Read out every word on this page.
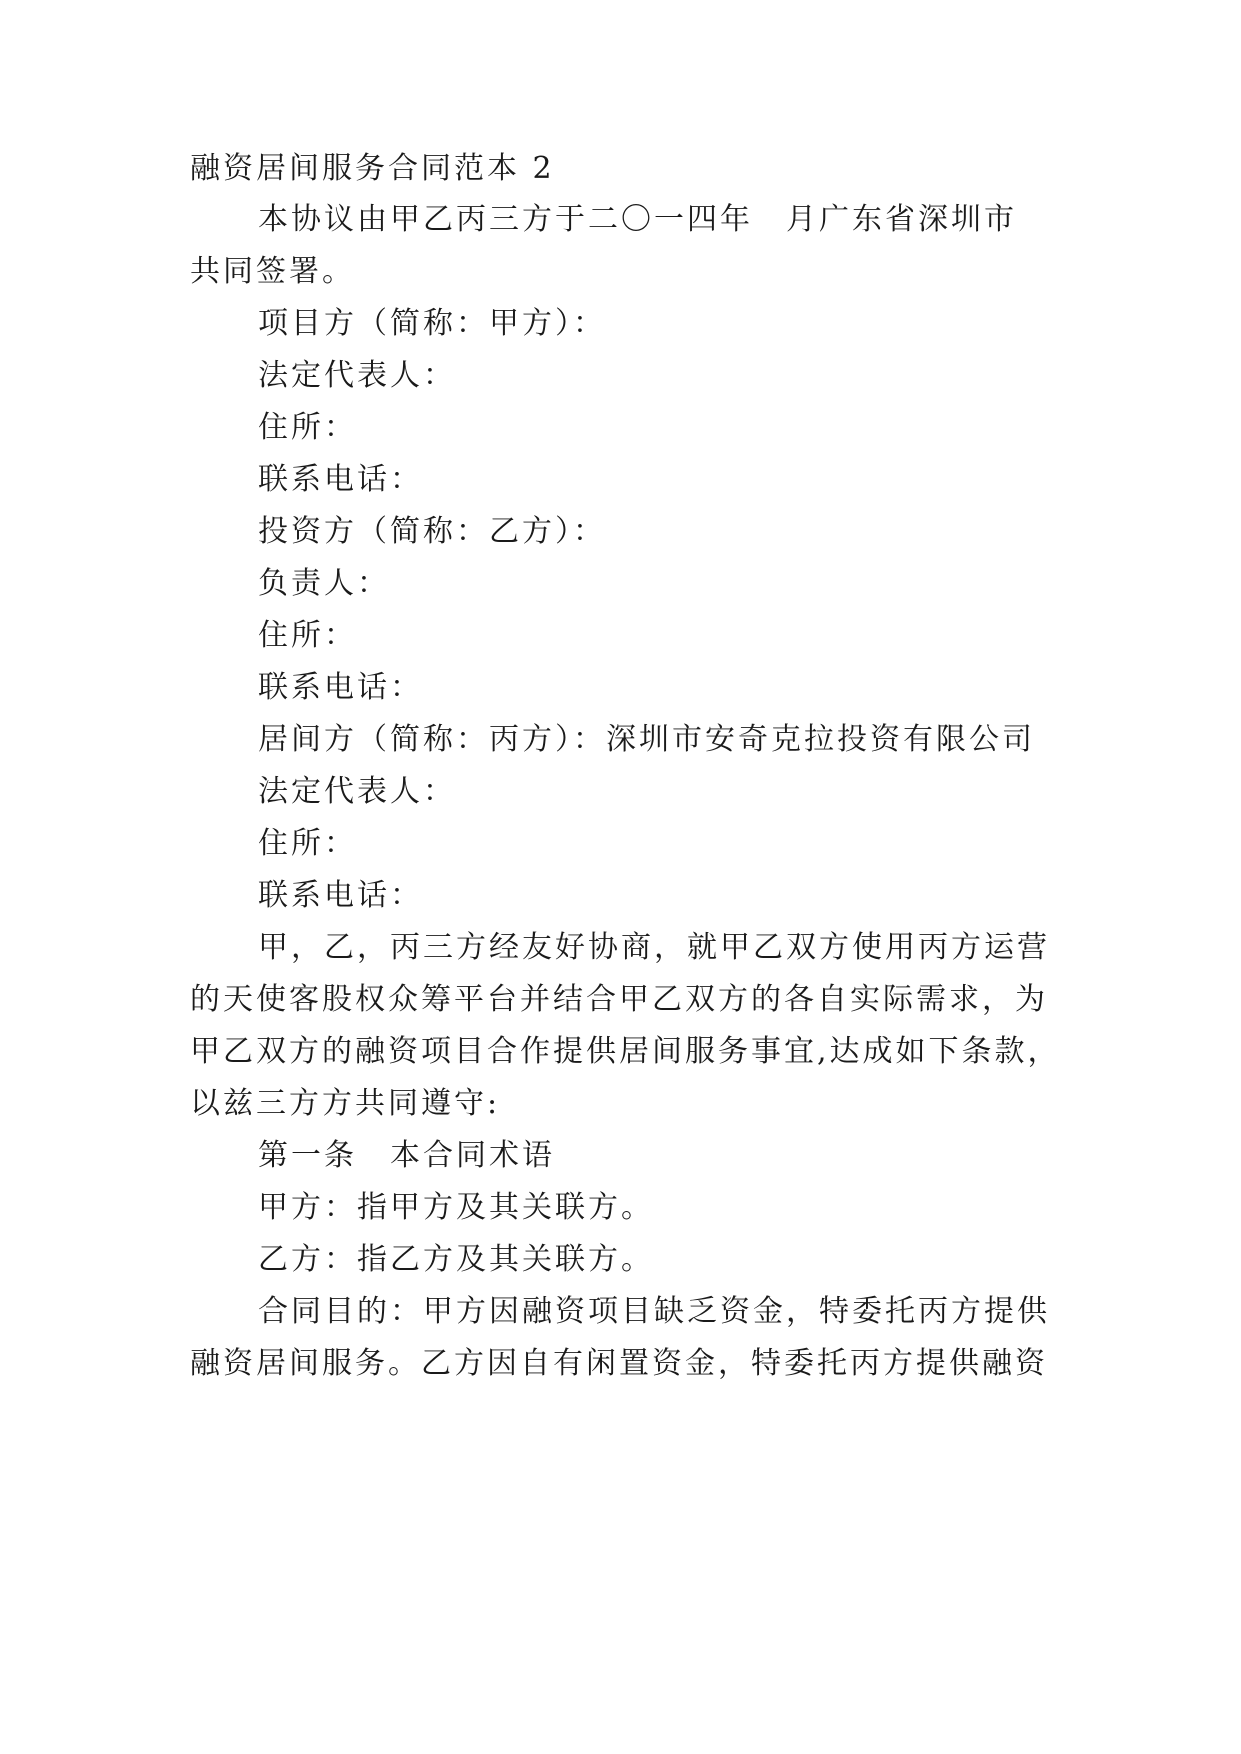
融资居间服务合同范本 2
本协议由甲乙丙三方于二〇一四年　月广东省深圳市
共同签署。
项目方（简称：甲方）：
法定代表人：
住所：
联系电话：
投资方（简称：乙方）：
负责人：
住所：
联系电话：
居间方（简称：丙方）：深圳市安奇克拉投资有限公司
法定代表人：
住所：
联系电话：
甲，乙，丙三方经友好协商，就甲乙双方使用丙方运营
的天使客股权众筹平台并结合甲乙双方的各自实际需求，为
甲乙双方的融资项目合作提供居间服务事宜,达成如下条款，
以兹三方方共同遵守:
第一条　本合同术语
甲方：指甲方及其关联方。
乙方：指乙方及其关联方。
合同目的：甲方因融资项目缺乏资金，特委托丙方提供
融资居间服务。乙方因自有闲置资金，特委托丙方提供融资
